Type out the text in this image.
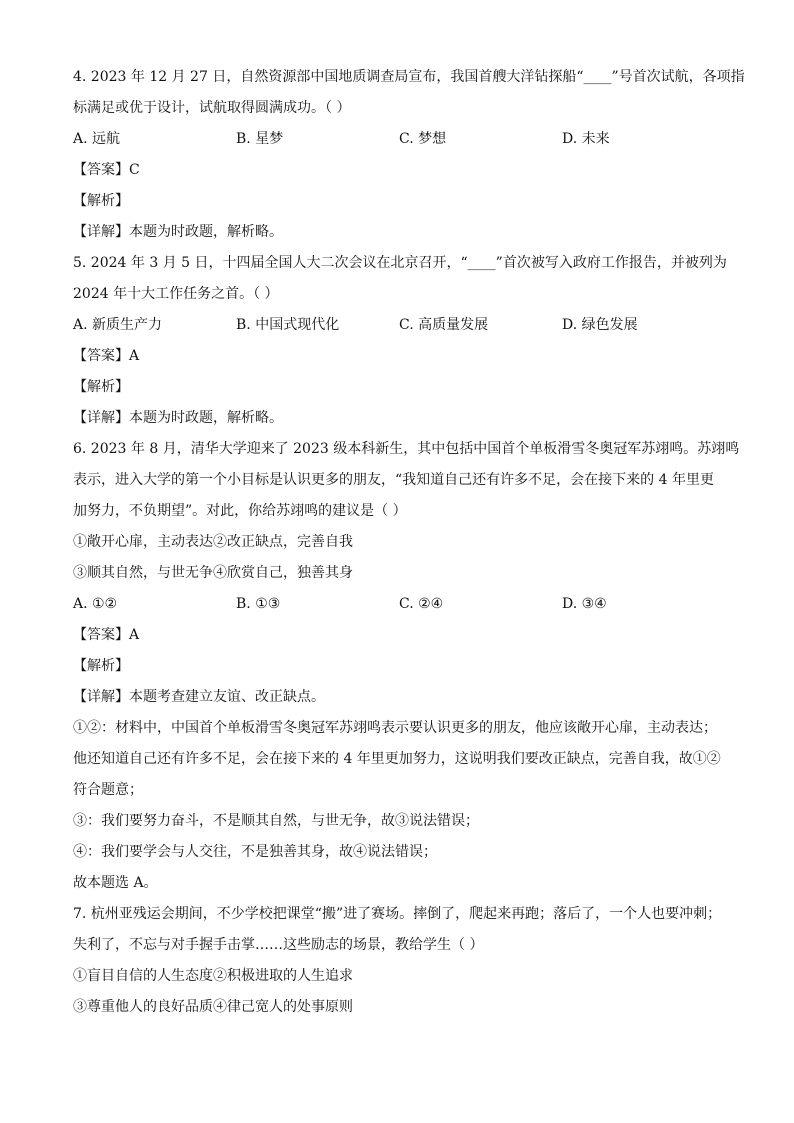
4. 2023 年 12 月 27 日，自然资源部中国地质调查局宣布，我国首艘大洋钻探船“____”号首次试航，各项指
标满足或优于设计，试航取得圆满成功。（ ）
A. 远航	B. 星梦	C. 梦想	D. 未来
【答案】C
【解析】
【详解】本题为时政题，解析略。
5. 2024 年 3 月 5 日，十四届全国人大二次会议在北京召开，“____”首次被写入政府工作报告，并被列为
2024 年十大工作任务之首。（ ）
A. 新质生产力	B. 中国式现代化	C. 高质量发展	D. 绿色发展
【答案】A
【解析】
【详解】本题为时政题，解析略。
6. 2023 年 8 月，清华大学迎来了 2023 级本科新生，其中包括中国首个单板滑雪冬奥冠军苏翊鸣。苏翊鸣
表示，进入大学的第一个小目标是认识更多的朋友，“我知道自己还有许多不足，会在接下来的 4 年里更
加努力，不负期望”。对此，你给苏翊鸣的建议是（ ）
①敞开心扉，主动表达②改正缺点，完善自我
③顺其自然，与世无争④欣赏自己，独善其身
A. ①②	B. ①③	C. ②④	D. ③④
【答案】A
【解析】
【详解】本题考查建立友谊、改正缺点。
①②：材料中，中国首个单板滑雪冬奥冠军苏翊鸣表示要认识更多的朋友，他应该敞开心扉，主动表达；
他还知道自己还有许多不足，会在接下来的 4 年里更加努力，这说明我们要改正缺点，完善自我，故①②
符合题意；
③：我们要努力奋斗，不是顺其自然，与世无争，故③说法错误；
④：我们要学会与人交往，不是独善其身，故④说法错误；
故本题选 A。
7. 杭州亚残运会期间，不少学校把课堂“搬”进了赛场。摔倒了，爬起来再跑；落后了，一个人也要冲刺；
失利了，不忘与对手握手击掌……这些励志的场景，教给学生（ ）
①盲目自信的人生态度②积极进取的人生追求
③尊重他人的良好品质④律己宽人的处事原则
